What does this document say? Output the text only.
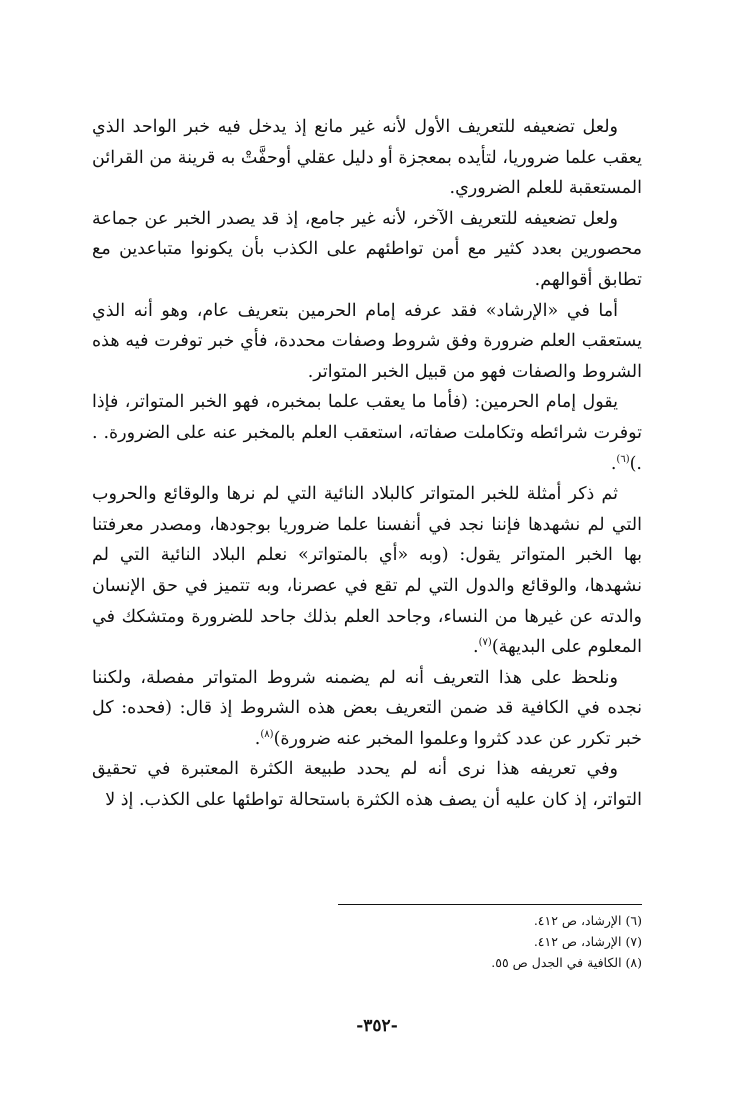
ولعل تضعيفه للتعريف الأول لأنه غير مانع إذ يدخل فيه خبر الواحد الذي يعقب علما ضروريا، لتأيده بمعجزة أو دليل عقلي أوحفَّتْ به قرينة من القرائن المستعقبة للعلم الضروري.

ولعل تضعيفه للتعريف الآخر، لأنه غير جامع، إذ قد يصدر الخبر عن جماعة محصورين بعدد كثير مع أمن تواطئهم على الكذب بأن يكونوا متباعدين مع تطابق أقوالهم.

أما في «الإرشاد» فقد عرفه إمام الحرمين بتعريف عام، وهو أنه الذي يستعقب العلم ضرورة وفق شروط وصفات محددة، فأي خبر توفرت فيه هذه الشروط والصفات فهو من قبيل الخبر المتواتر.

يقول إمام الحرمين: (فأما ما يعقب علما بمخبره، فهو الخبر المتواتر، فإذا توفرت شرائطه وتكاملت صفاته، استعقب العلم بالمخبر عنه على الضرورة. . .)$^{(٦)}$.

ثم ذكر أمثلة للخبر المتواتر كالبلاد النائية التي لم نرها والوقائع والحروب التي لم نشهدها فإننا نجد في أنفسنا علما ضروريا بوجودها، ومصدر معرفتنا بها الخبر المتواتر يقول: (وبه «أي بالمتواتر» نعلم البلاد النائية التي لم نشهدها، والوقائع والدول التي لم تقع في عصرنا، وبه تتميز في حق الإنسان والدته عن غيرها من النساء، وجاحد العلم بذلك جاحد للضرورة ومتشكك في المعلوم على البديهة)$^{(٧)}$.

ونلحظ على هذا التعريف أنه لم يضمنه شروط المتواتر مفصلة، ولكننا نجده في الكافية قد ضمن التعريف بعض هذه الشروط إذ قال: (فحده: كل خبر تكرر عن عدد كثروا وعلموا المخبر عنه ضرورة)$^{(٨)}$.

وفي تعريفه هذا نرى أنه لم يحدد طبيعة الكثرة المعتبرة في تحقيق التواتر، إذ كان عليه أن يصف هذه الكثرة باستحالة تواطئها على الكذب. إذ لا

(٦) الإرشاد، ص ٤١٢.
(٧) الإرشاد، ص ٤١٢.
(٨) الكافية في الجدل ص ٥٥.
-٣٥٢-
